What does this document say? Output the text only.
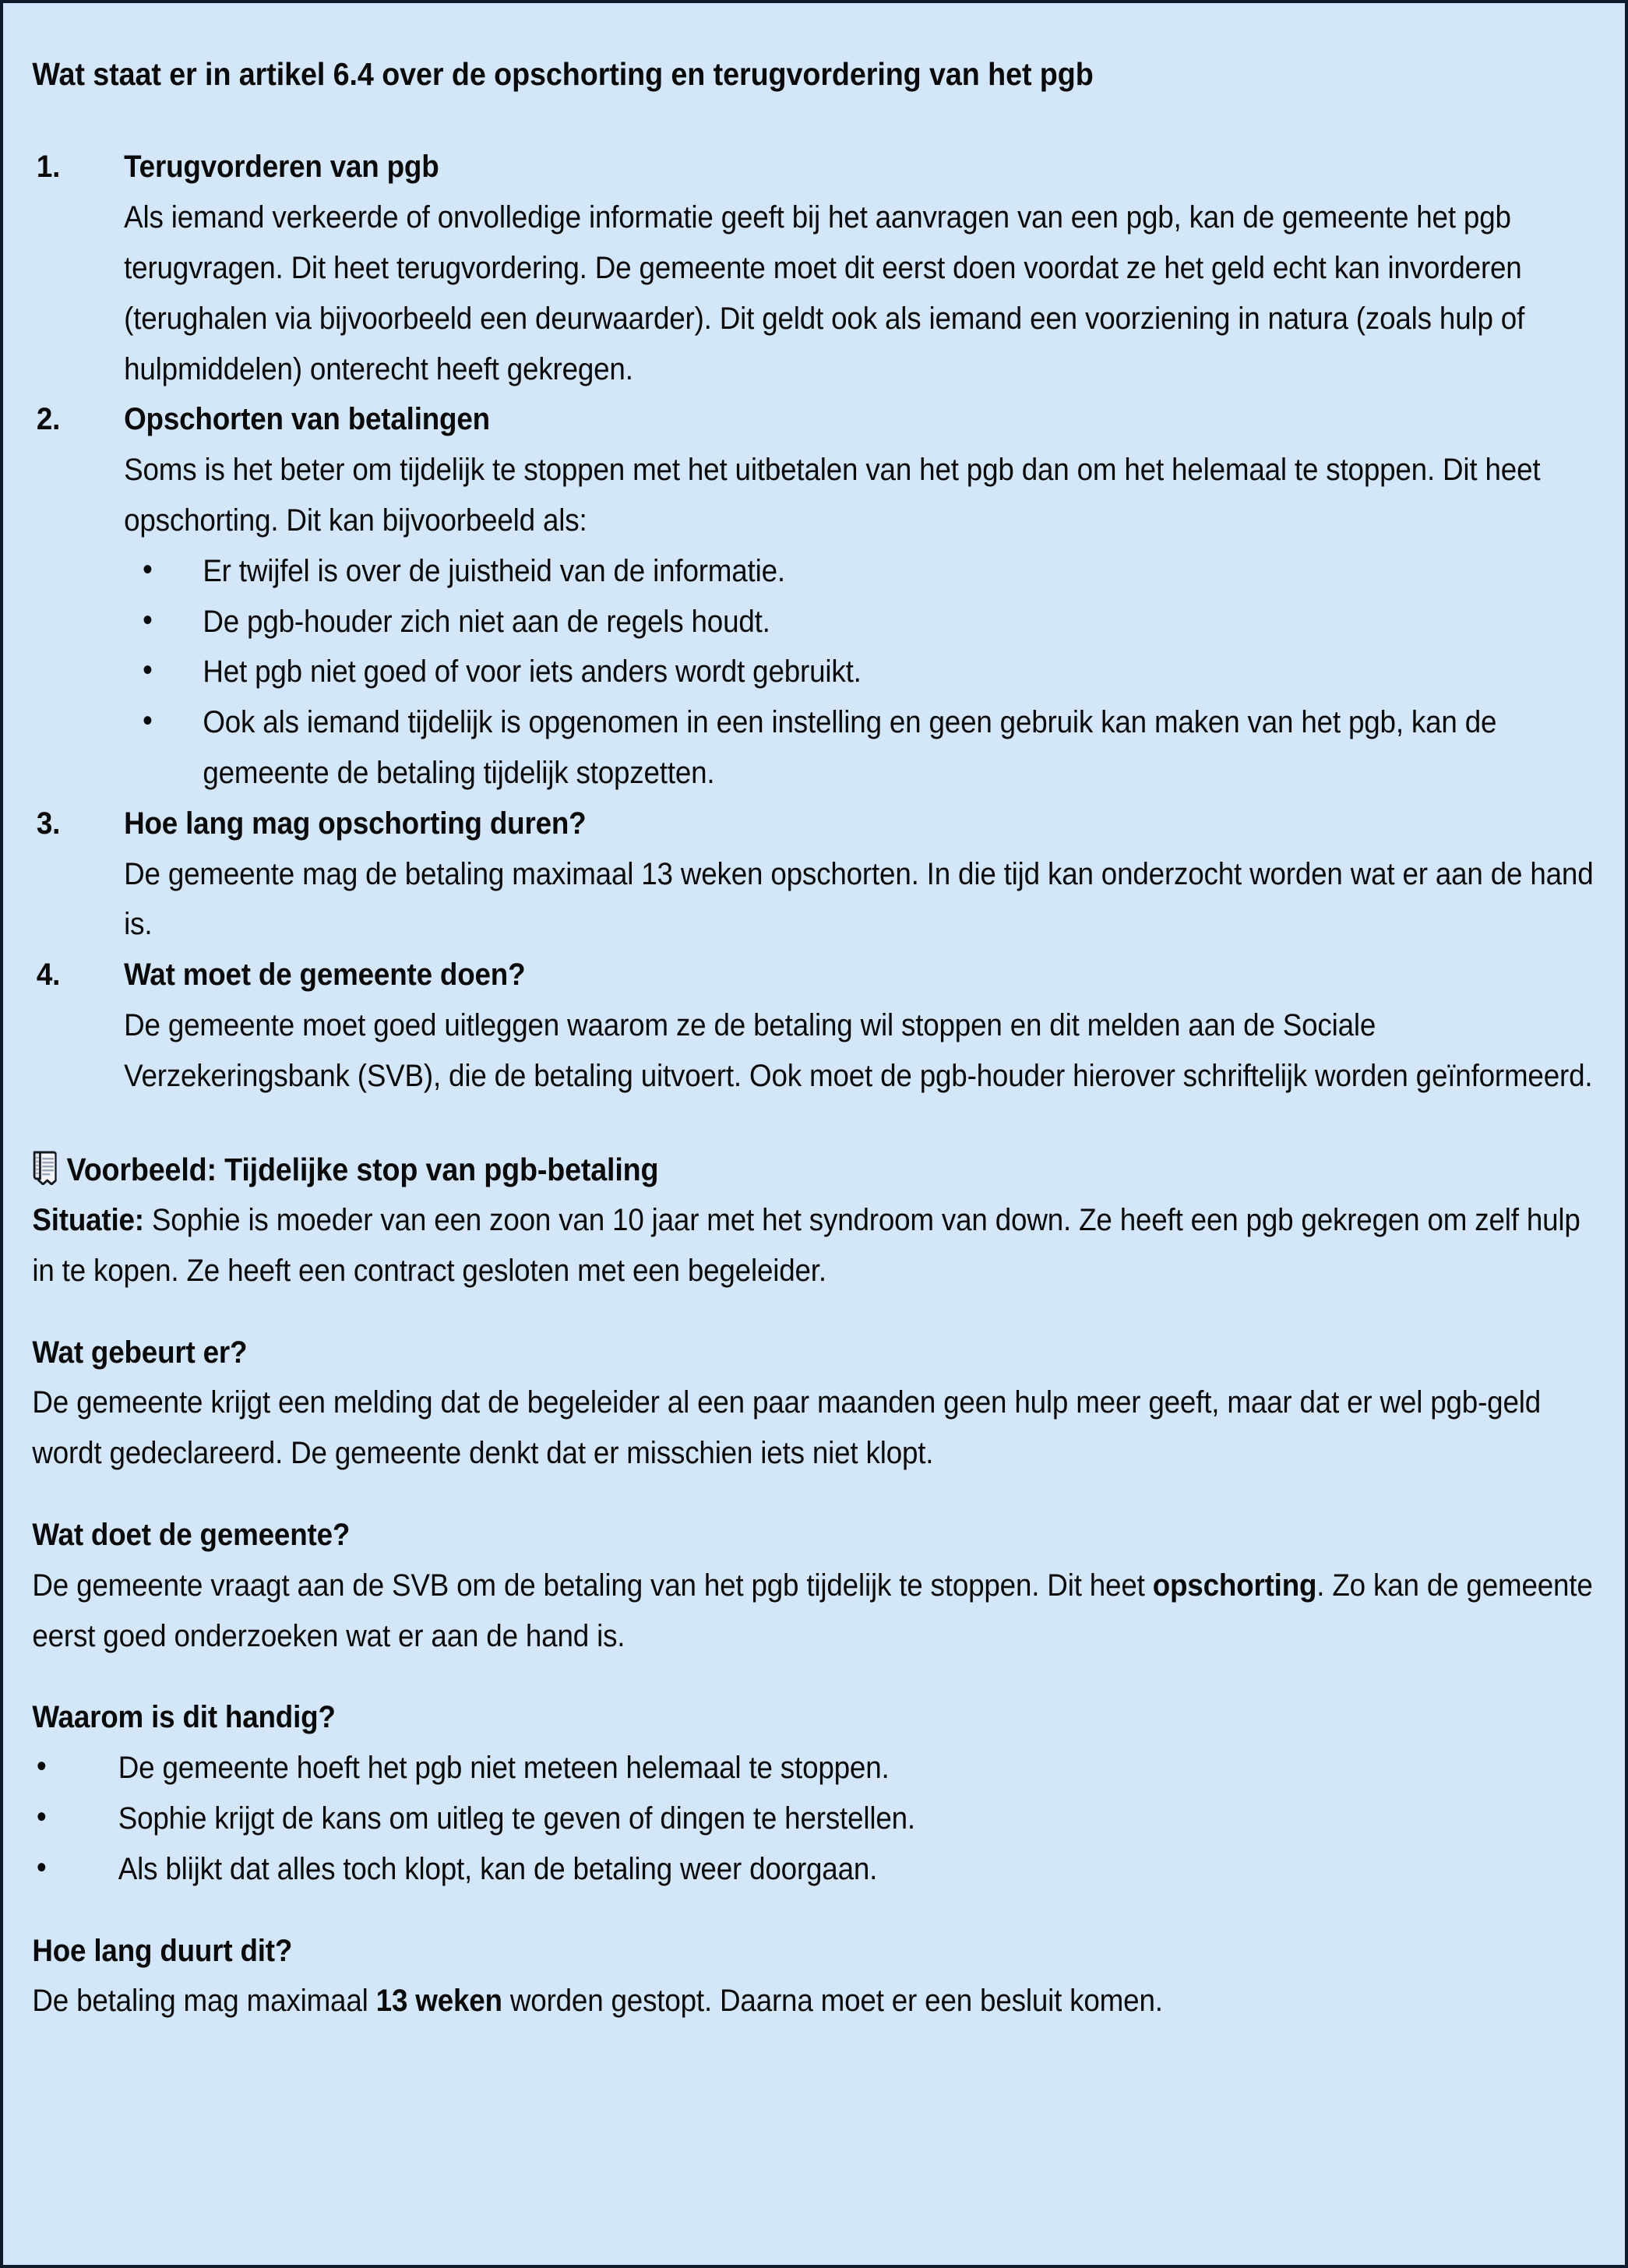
Wat staat er in artikel 6.4 over de opschorting en terugvordering van het pgb
1. Terugvorderen van pgb
Als iemand verkeerde of onvolledige informatie geeft bij het aanvragen van een pgb, kan de gemeente het pgb terugvragen. Dit heet terugvordering. De gemeente moet dit eerst doen voordat ze het geld echt kan invorderen (terughalen via bijvoorbeeld een deurwaarder). Dit geldt ook als iemand een voorziening in natura (zoals hulp of hulpmiddelen) onterecht heeft gekregen.
2. Opschorten van betalingen
Soms is het beter om tijdelijk te stoppen met het uitbetalen van het pgb dan om het helemaal te stoppen. Dit heet opschorting. Dit kan bijvoorbeeld als:
• Er twijfel is over de juistheid van de informatie.
• De pgb-houder zich niet aan de regels houdt.
• Het pgb niet goed of voor iets anders wordt gebruikt.
• Ook als iemand tijdelijk is opgenomen in een instelling en geen gebruik kan maken van het pgb, kan de gemeente de betaling tijdelijk stopzetten.
3. Hoe lang mag opschorting duren?
De gemeente mag de betaling maximaal 13 weken opschorten. In die tijd kan onderzocht worden wat er aan de hand is.
4. Wat moet de gemeente doen?
De gemeente moet goed uitleggen waarom ze de betaling wil stoppen en dit melden aan de Sociale Verzekeringsbank (SVB), die de betaling uitvoert. Ook moet de pgb-houder hierover schriftelijk worden geïnformeerd.
Voorbeeld: Tijdelijke stop van pgb-betaling
Situatie: Sophie is moeder van een zoon van 10 jaar met het syndroom van down. Ze heeft een pgb gekregen om zelf hulp in te kopen. Ze heeft een contract gesloten met een begeleider.
Wat gebeurt er?
De gemeente krijgt een melding dat de begeleider al een paar maanden geen hulp meer geeft, maar dat er wel pgb-geld wordt gedeclareerd. De gemeente denkt dat er misschien iets niet klopt.
Wat doet de gemeente?
De gemeente vraagt aan de SVB om de betaling van het pgb tijdelijk te stoppen. Dit heet opschorting. Zo kan de gemeente eerst goed onderzoeken wat er aan de hand is.
Waarom is dit handig?
• De gemeente hoeft het pgb niet meteen helemaal te stoppen.
• Sophie krijgt de kans om uitleg te geven of dingen te herstellen.
• Als blijkt dat alles toch klopt, kan de betaling weer doorgaan.
Hoe lang duurt dit?
De betaling mag maximaal 13 weken worden gestopt. Daarna moet er een besluit komen.
